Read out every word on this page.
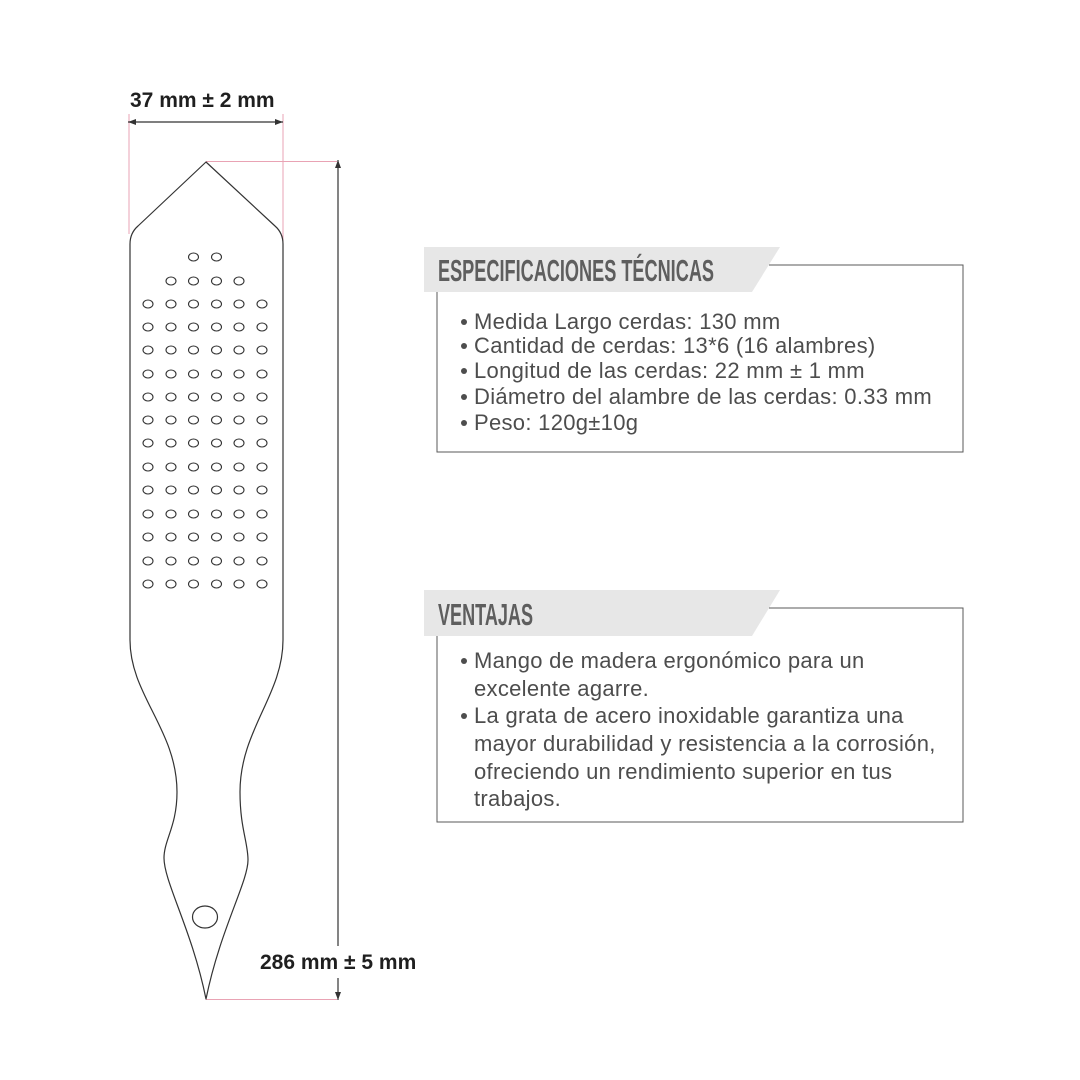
37 mm ± 2 mm
286 mm ± 5 mm
ESPECIFICACIONES TÉCNICAS
Medida Largo cerdas: 130 mm
Cantidad de cerdas: 13*6 (16 alambres)
Longitud de las cerdas: 22 mm ± 1 mm
Diámetro del alambre de las cerdas: 0.33 mm
Peso: 120g±10g
VENTAJAS
Mango de madera ergonómico para un
excelente agarre.
La grata de acero inoxidable garantiza una
mayor durabilidad y resistencia a la corrosión,
ofreciendo un rendimiento superior en tus
trabajos.
